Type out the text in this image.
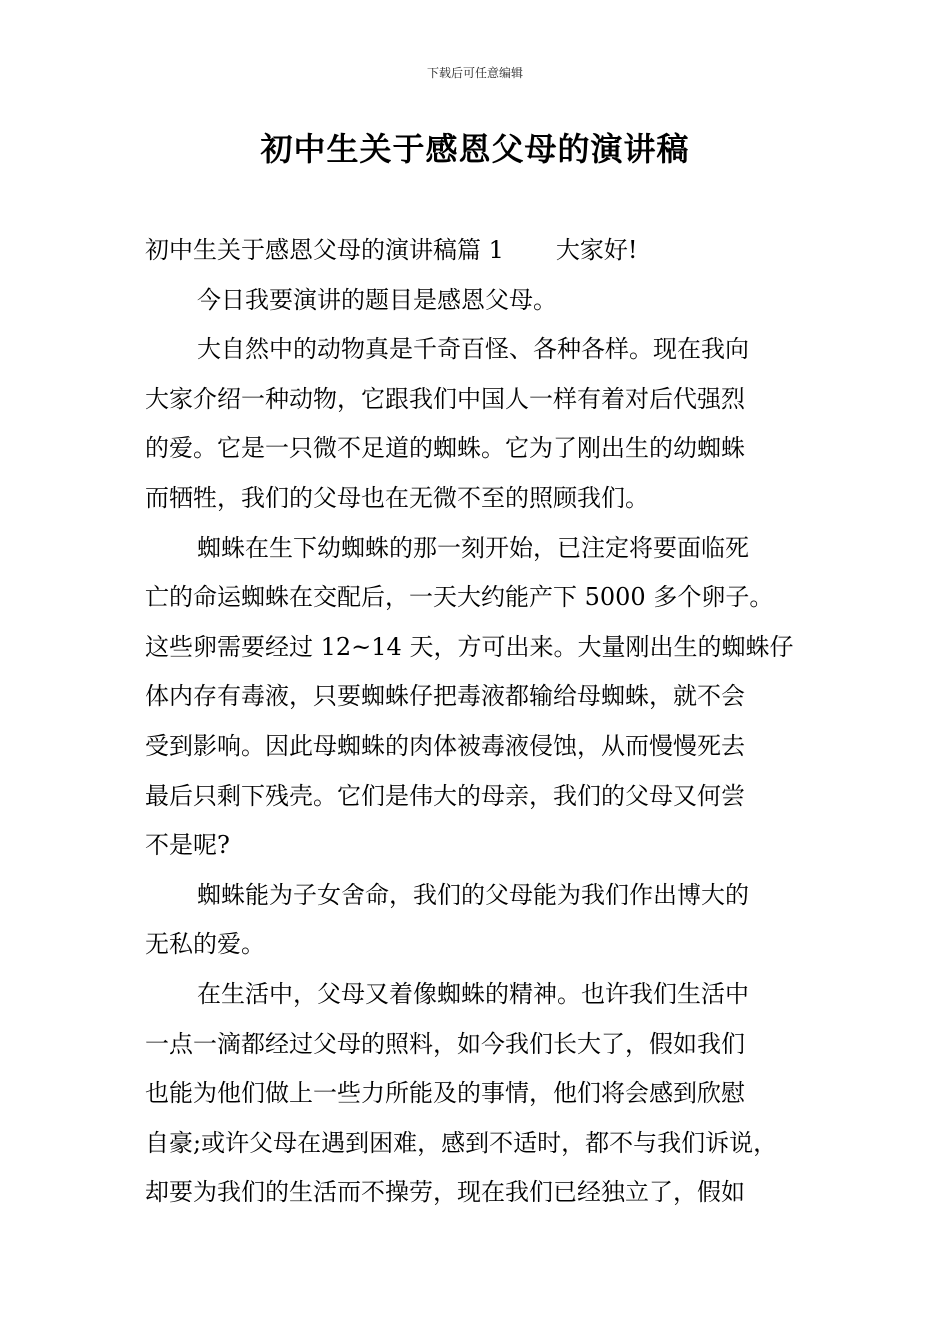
下载后可任意编辑
初中生关于感恩父母的演讲稿
初中生关于感恩父母的演讲稿篇 1 大家好!
今日我要演讲的题目是感恩父母。
大自然中的动物真是千奇百怪、各种各样。现在我向
大家介绍一种动物，它跟我们中国人一样有着对后代强烈
的爱。它是一只微不足道的蜘蛛。它为了刚出生的幼蜘蛛
而牺牲，我们的父母也在无微不至的照顾我们。
蜘蛛在生下幼蜘蛛的那一刻开始，已注定将要面临死
亡的命运蜘蛛在交配后，一天大约能产下 5000 多个卵子。
这些卵需要经过 12~14 天，方可出来。大量刚出生的蜘蛛仔
体内存有毒液，只要蜘蛛仔把毒液都输给母蜘蛛，就不会
受到影响。因此母蜘蛛的肉体被毒液侵蚀，从而慢慢死去
最后只剩下残壳。它们是伟大的母亲，我们的父母又何尝
不是呢?
蜘蛛能为子女舍命，我们的父母能为我们作出博大的
无私的爱。
在生活中，父母又着像蜘蛛的精神。也许我们生活中
一点一滴都经过父母的照料，如今我们长大了，假如我们
也能为他们做上一些力所能及的事情，他们将会感到欣慰
自豪;或许父母在遇到困难，感到不适时，都不与我们诉说，
却要为我们的生活而不操劳，现在我们已经独立了，假如
